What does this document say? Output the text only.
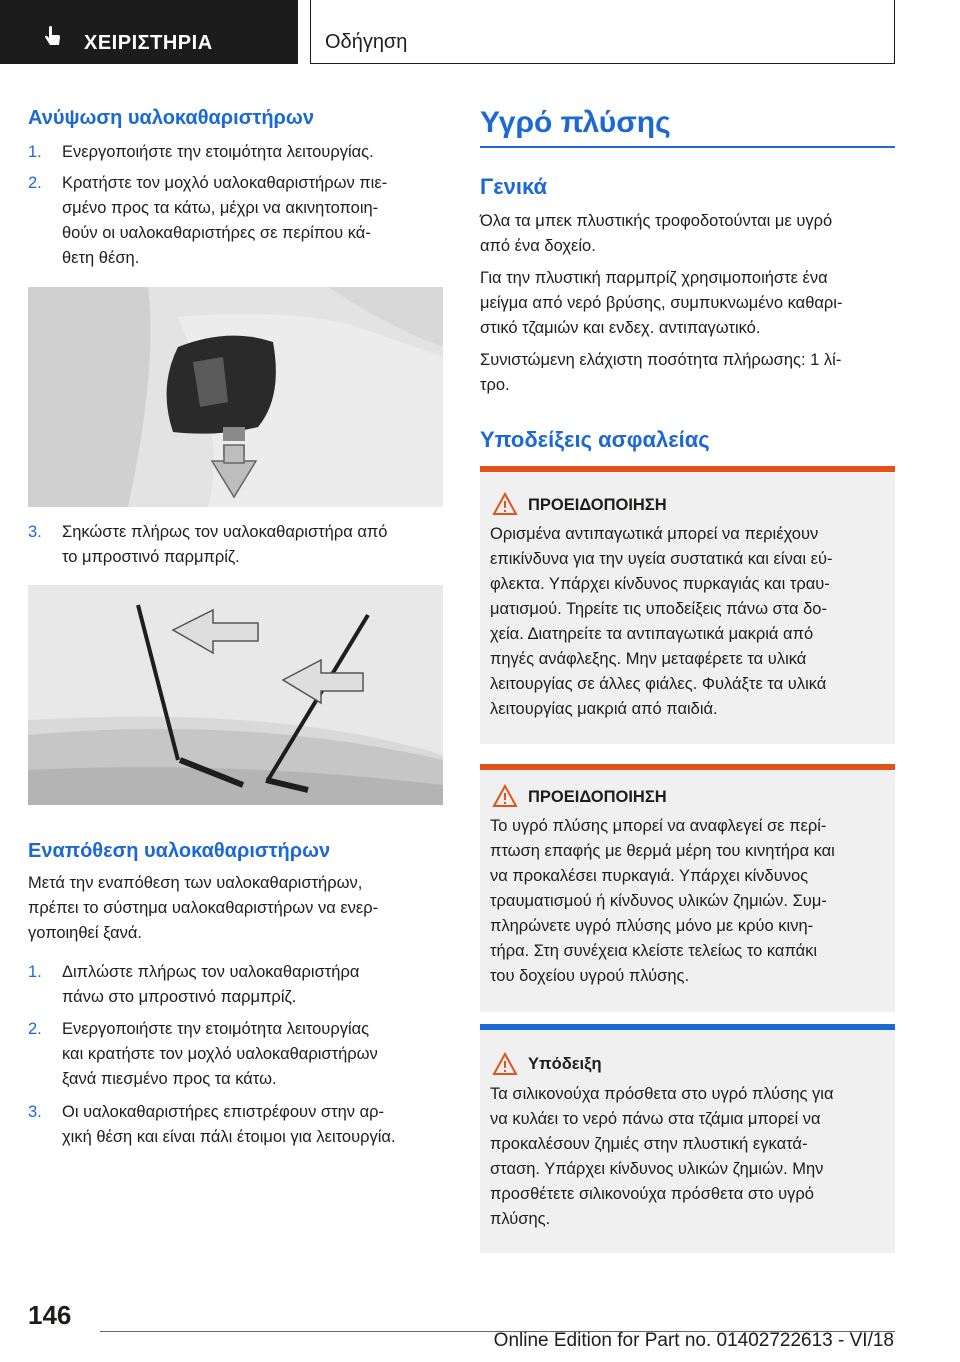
ΧΕΙΡΙΣΤΗΡΙΑ	Οδήγηση
Ανύψωση υαλοκαθαριστήρων
1. Ενεργοποιήστε την ετοιμότητα λειτουργίας.
2. Κρατήστε τον μοχλό υαλοκαθαριστήρων πιε-
σμένο προς τα κάτω, μέχρι να ακινητοποιη-
θούν οι υαλοκαθαριστήρες σε περίπου κά-
θετη θέση.
3. Σηκώστε πλήρως τον υαλοκαθαριστήρα από
το μπροστινό παρμπρίζ.
Εναπόθεση υαλοκαθαριστήρων
Μετά την εναπόθεση των υαλοκαθαριστήρων,
πρέπει το σύστημα υαλοκαθαριστήρων να ενερ-
γοποιηθεί ξανά.
1. Διπλώστε πλήρως τον υαλοκαθαριστήρα
πάνω στο μπροστινό παρμπρίζ.
2. Ενεργοποιήστε την ετοιμότητα λειτουργίας
και κρατήστε τον μοχλό υαλοκαθαριστήρων
ξανά πιεσμένο προς τα κάτω.
3. Οι υαλοκαθαριστήρες επιστρέφουν στην αρ-
χική θέση και είναι πάλι έτοιμοι για λειτουργία.
Υγρό πλύσης
Γενικά
Όλα τα μπεκ πλυστικής τροφοδοτούνται με υγρό
από ένα δοχείο.
Για την πλυστική παρμπρίζ χρησιμοποιήστε ένα
μείγμα από νερό βρύσης, συμπυκνωμένο καθαρι-
στικό τζαμιών και ενδεχ. αντιπαγωτικό.
Συνιστώμενη ελάχιστη ποσότητα πλήρωσης: 1 λί-
τρο.
Υποδείξεις ασφαλείας
ΠΡΟΕΙΔΟΠΟΙΗΣΗ
Ορισμένα αντιπαγωτικά μπορεί να περιέχουν
επικίνδυνα για την υγεία συστατικά και είναι εύ-
φλεκτα. Υπάρχει κίνδυνος πυρκαγιάς και τραυ-
ματισμού. Τηρείτε τις υποδείξεις πάνω στα δο-
χεία. Διατηρείτε τα αντιπαγωτικά μακριά από
πηγές ανάφλεξης. Μην μεταφέρετε τα υλικά
λειτουργίας σε άλλες φιάλες. Φυλάξτε τα υλικά
λειτουργίας μακριά από παιδιά.
ΠΡΟΕΙΔΟΠΟΙΗΣΗ
Το υγρό πλύσης μπορεί να αναφλεγεί σε περί-
πτωση επαφής με θερμά μέρη του κινητήρα και
να προκαλέσει πυρκαγιά. Υπάρχει κίνδυνος
τραυματισμού ή κίνδυνος υλικών ζημιών. Συμ-
πληρώνετε υγρό πλύσης μόνο με κρύο κινη-
τήρα. Στη συνέχεια κλείστε τελείως το καπάκι
του δοχείου υγρού πλύσης.
Υπόδειξη
Τα σιλικονούχα πρόσθετα στο υγρό πλύσης για
να κυλάει το νερό πάνω στα τζάμια μπορεί να
προκαλέσουν ζημιές στην πλυστική εγκατά-
σταση. Υπάρχει κίνδυνος υλικών ζημιών. Μην
προσθέτετε σιλικονούχα πρόσθετα στο υγρό
πλύσης.
146
Online Edition for Part no. 01402722613 - VI/18
